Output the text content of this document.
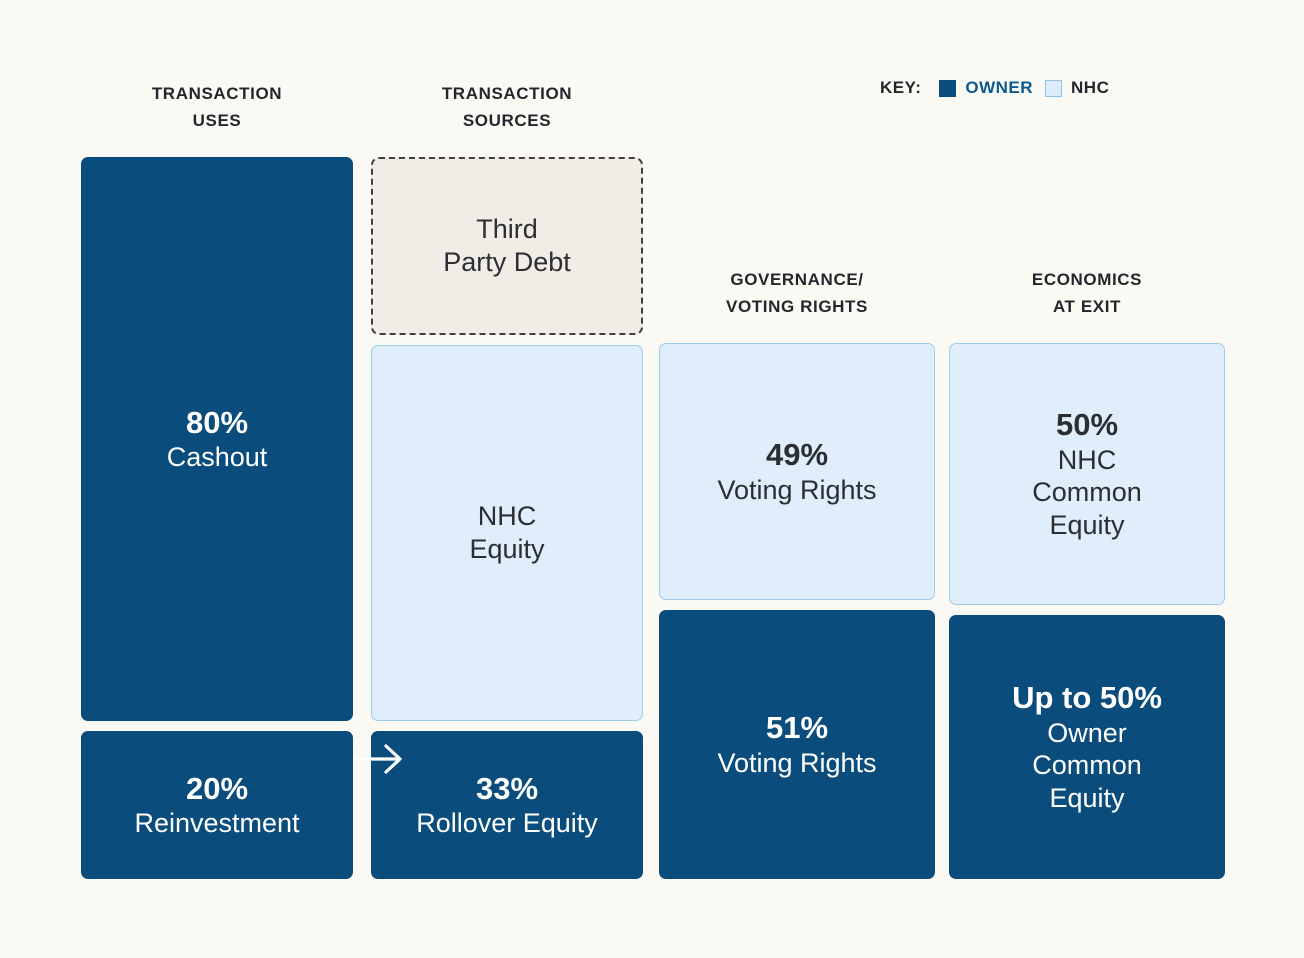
TRANSACTION
USES
TRANSACTION
SOURCES
GOVERNANCE/
VOTING RIGHTS
ECONOMICS
AT EXIT
KEY:	OWNER NHC
80%
Cashout
20%
Reinvestment
Third
Party Debt
NHC
Equity
33%
Rollover Equity
49%
Voting Rights
51%
Voting Rights
50%
NHC
Common
Equity
Up to 50%
Owner
Common
Equity
